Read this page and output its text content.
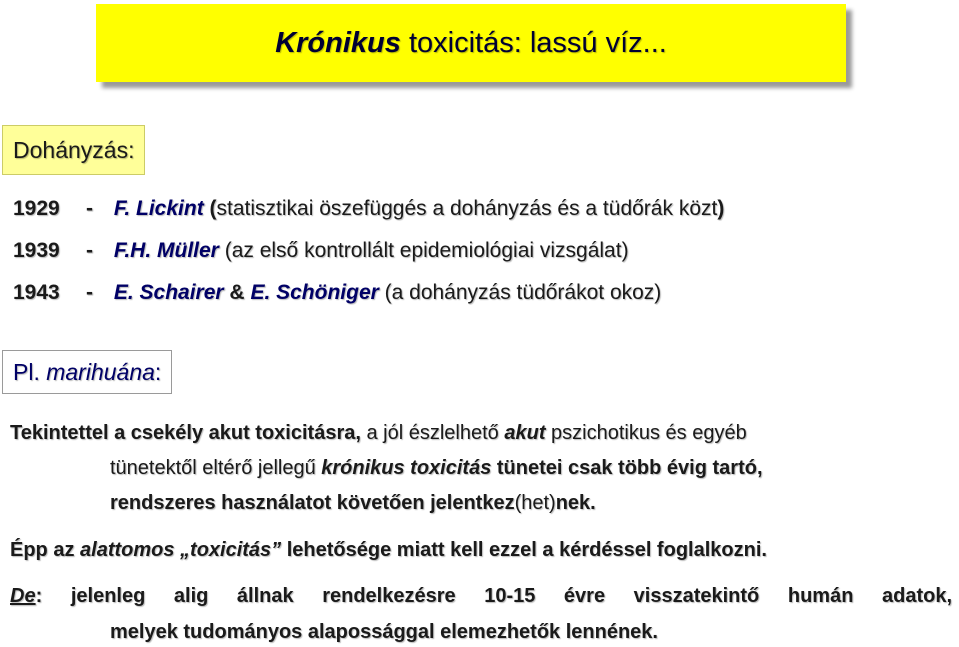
Krónikus toxicitás: lassú víz...
Dohányzás:
1929 - F. Lickint (statisztikai öszefüggés a dohányzás és a tüdőrák közt)
1939 - F.H. Müller (az első kontrollált epidemiológiai vizsgálat)
1943 - E. Schairer & E. Schöniger (a dohányzás tüdőrákot okoz)
Pl.
marihuána :
Tekintettel a csekély akut toxicitásra, a jól észlelhető akut pszichotikus és egyéb
tünetektől eltérő jellegű krónikus toxicitás tünetei csak több évig tartó,
rendszeres használatot követően jelentkez(het)nek.
Épp az alattomos „toxicitás” lehetősége miatt kell ezzel a kérdéssel foglalkozni.
De: jelenleg alig állnak rendelkezésre 10-15 évre visszatekintő humán adatok,
melyek tudományos alapossággal elemezhetők lennének.
